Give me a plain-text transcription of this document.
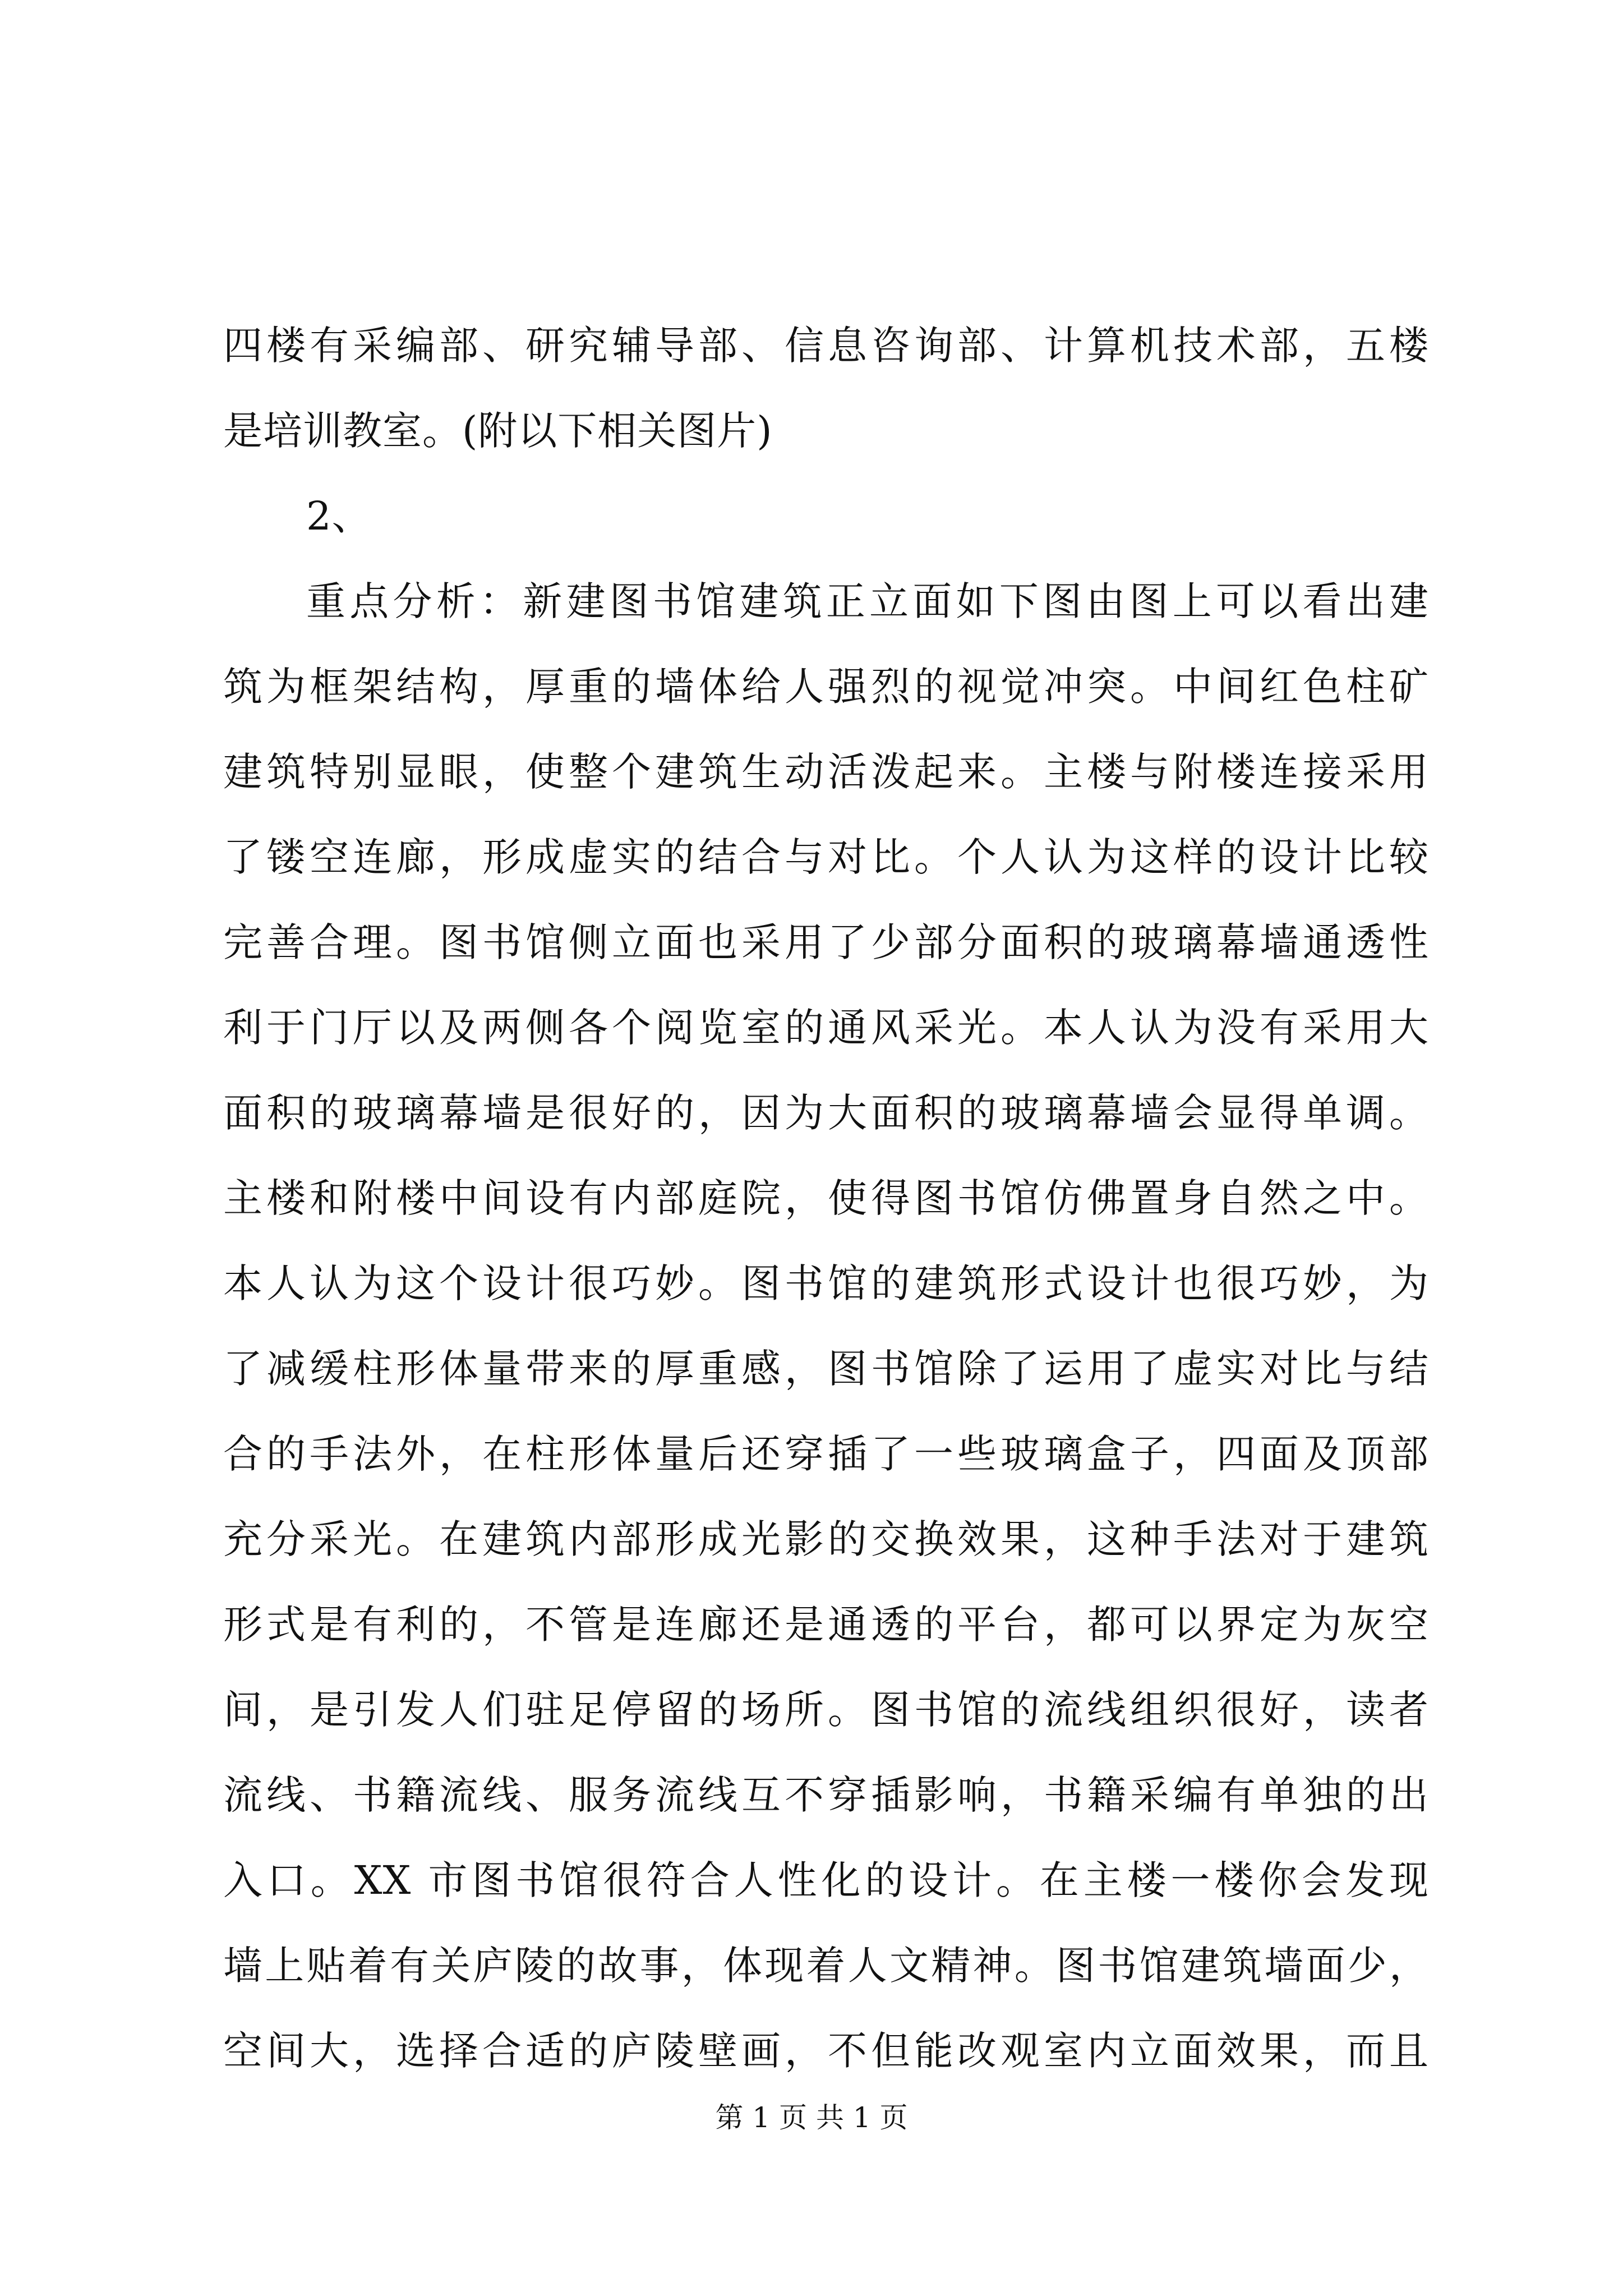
四楼有采编部、研究辅导部、信息咨询部、计算机技术部，五楼
是培训教室。(附以下相关图片)
2、
重点分析：新建图书馆建筑正立面如下图由图上可以看出建
筑为框架结构，厚重的墙体给人强烈的视觉冲突。中间红色柱矿
建筑特别显眼，使整个建筑生动活泼起来。主楼与附楼连接采用
了镂空连廊，形成虚实的结合与对比。个人认为这样的设计比较
完善合理。图书馆侧立面也采用了少部分面积的玻璃幕墙通透性
利于门厅以及两侧各个阅览室的通风采光。本人认为没有采用大
面积的玻璃幕墙是很好的，因为大面积的玻璃幕墙会显得单调。
主楼和附楼中间设有内部庭院，使得图书馆仿佛置身自然之中。
本人认为这个设计很巧妙。图书馆的建筑形式设计也很巧妙，为
了减缓柱形体量带来的厚重感，图书馆除了运用了虚实对比与结
合的手法外，在柱形体量后还穿插了一些玻璃盒子，四面及顶部
充分采光。在建筑内部形成光影的交换效果，这种手法对于建筑
形式是有利的，不管是连廊还是通透的平台，都可以界定为灰空
间，是引发人们驻足停留的场所。图书馆的流线组织很好，读者
流线、书籍流线、服务流线互不穿插影响，书籍采编有单独的出
入口。XX 市图书馆很符合人性化的设计。在主楼一楼你会发现
墙上贴着有关庐陵的故事，体现着人文精神。图书馆建筑墙面少，
空间大，选择合适的庐陵壁画，不但能改观室内立面效果，而且
第 1 页 共 1 页
